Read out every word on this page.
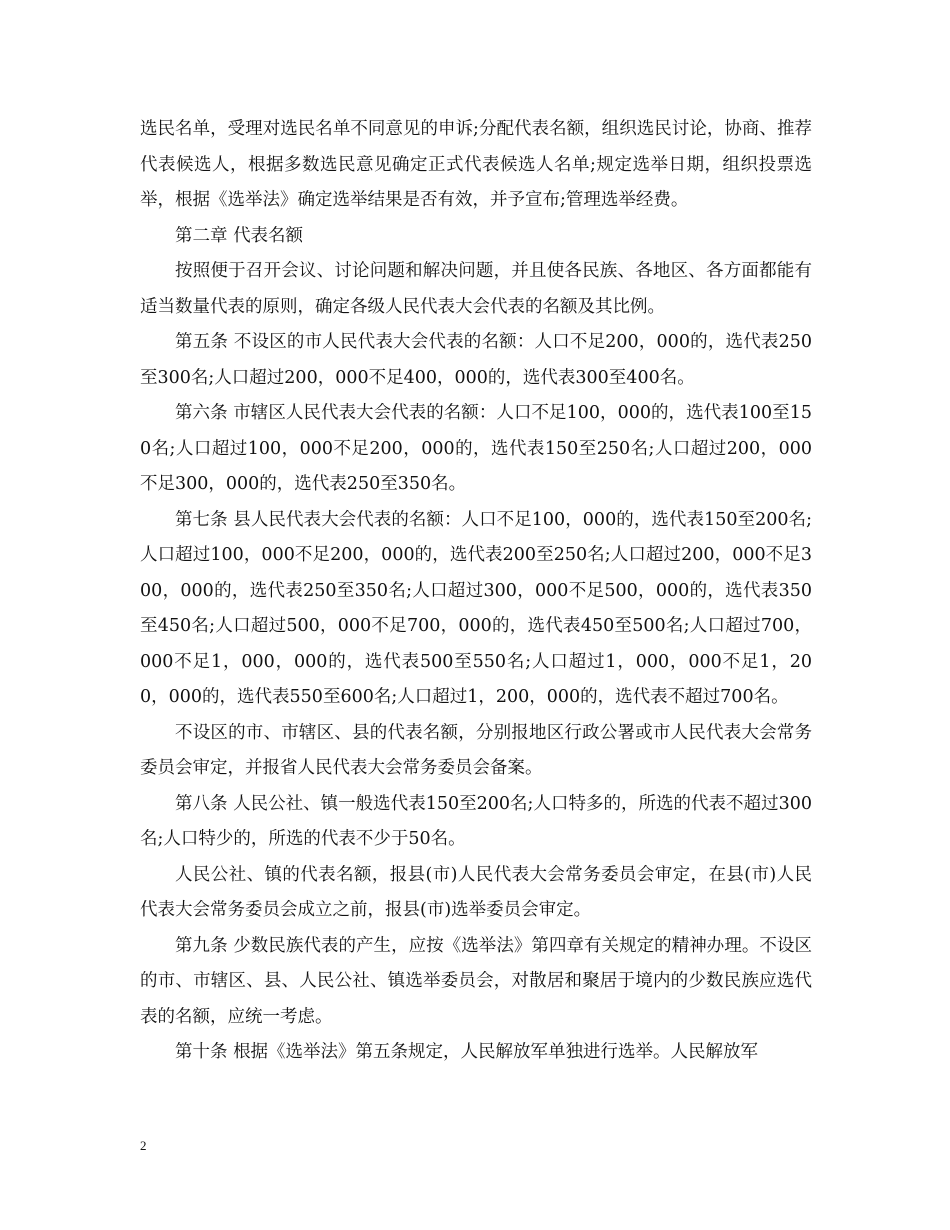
选民名单，受理对选民名单不同意见的申诉;分配代表名额，组织选民讨论，协商、推荐代表候选人，根据多数选民意见确定正式代表候选人名单;规定选举日期，组织投票选举，根据《选举法》确定选举结果是否有效，并予宣布;管理选举经费。

第二章 代表名额

按照便于召开会议、讨论问题和解决问题，并且使各民族、各地区、各方面都能有适当数量代表的原则，确定各级人民代表大会代表的名额及其比例。

第五条 不设区的市人民代表大会代表的名额：人口不足200，000的，选代表250至300名;人口超过200，000不足400，000的，选代表300至400名。

第六条 市辖区人民代表大会代表的名额：人口不足100，000的，选代表100至150名;人口超过100，000不足200，000的，选代表150至250名;人口超过200，000不足300，000的，选代表250至350名。

第七条 县人民代表大会代表的名额：人口不足100，000的，选代表150至200名;人口超过100，000不足200，000的，选代表200至250名;人口超过200，000不足300，000的，选代表250至350名;人口超过300，000不足500，000的，选代表350至450名;人口超过500，000不足700，000的，选代表450至500名;人口超过700，000不足1，000，000的，选代表500至550名;人口超过1，000，000不足1，200，000的，选代表550至600名;人口超过1，200，000的，选代表不超过700名。

不设区的市、市辖区、县的代表名额，分别报地区行政公署或市人民代表大会常务委员会审定，并报省人民代表大会常务委员会备案。

第八条 人民公社、镇一般选代表150至200名;人口特多的，所选的代表不超过300名;人口特少的，所选的代表不少于50名。

人民公社、镇的代表名额，报县(市)人民代表大会常务委员会审定，在县(市)人民代表大会常务委员会成立之前，报县(市)选举委员会审定。

第九条 少数民族代表的产生，应按《选举法》第四章有关规定的精神办理。不设区的市、市辖区、县、人民公社、镇选举委员会，对散居和聚居于境内的少数民族应选代表的名额，应统一考虑。

第十条 根据《选举法》第五条规定，人民解放军单独进行选举。人民解放军

2
